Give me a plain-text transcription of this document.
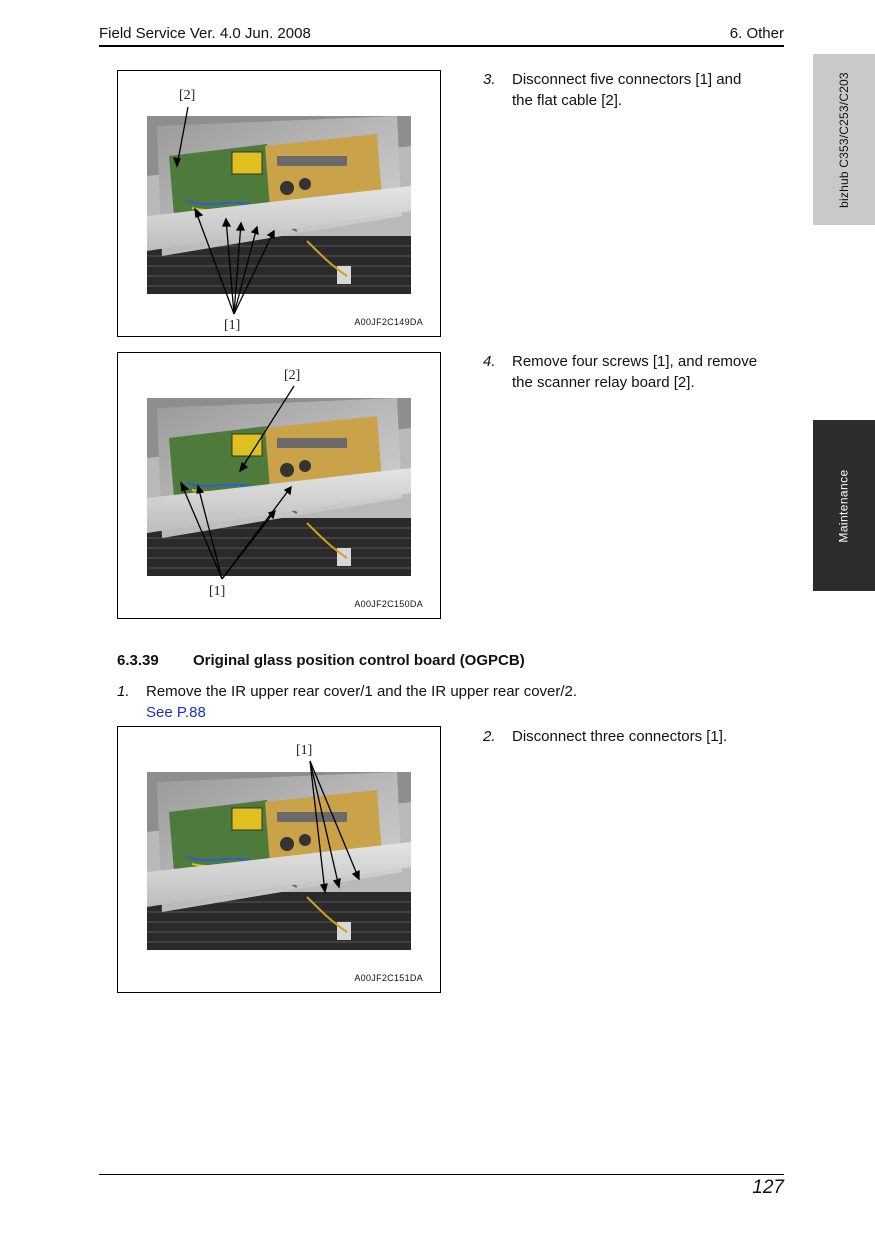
Field Service Ver. 4.0 Jun. 2008	6. Other
bizhub C353/C253/C203
Maintenance
[2]
[1]	A00JF2C149DA
3. Disconnect five connectors [1] and
the flat cable [2].
[2]
[1]
A00JF2C150DA
4. Remove four screws [1], and remove
the scanner relay board [2].
6.3.39 Original glass position control board (OGPCB)
1. Remove the IR upper rear cover/1 and the IR upper rear cover/2.
See P.88
[1]
A00JF2C151DA
2. Disconnect three connectors [1].
127
